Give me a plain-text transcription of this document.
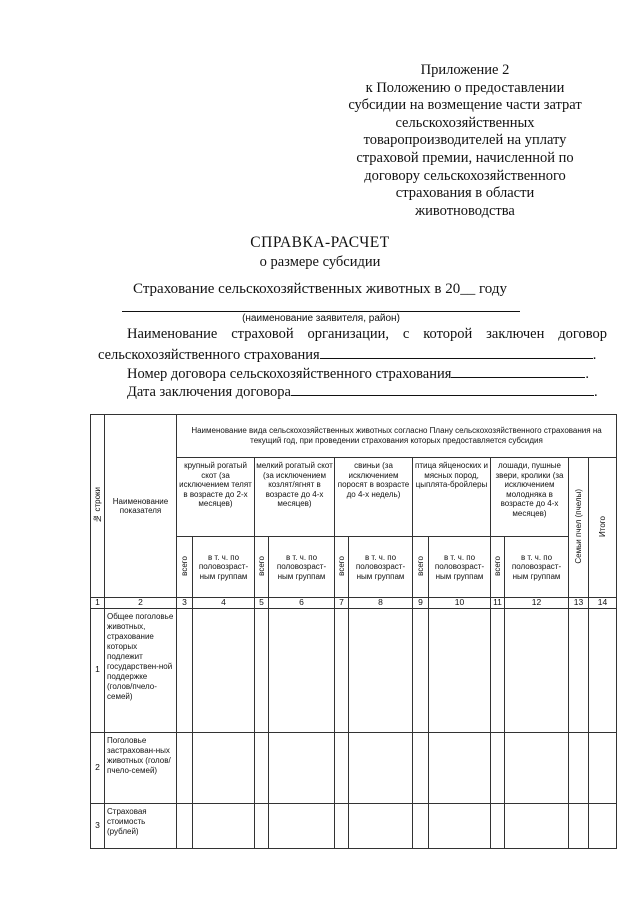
Приложение 2
к Положению о предоставлении
субсидии на возмещение части затрат
сельскохозяйственных
товаропроизводителей на уплату
страховой премии, начисленной по
договору сельскохозяйственного
страхования в области
животноводства
СПРАВКА-РАСЧЕТ
о размере субсидии
Страхование сельскохозяйственных животных в 20__ году
(наименование заявителя, район)
Наименование страховой организации, с которой заключен договор
сельскохозяйственного страхования	.
Номер договора сельскохозяйственного страхования	.
Дата заключения договора	.
№ строки	Наименование показателя	Наименование вида сельскохозяйственных животных согласно Плану сельскохозяйственного страхования на текущий год, при проведении страхования которых предоставляется субсидия											
		крупный рогатый скот (за исключением телят в возрасте до 2-х месяцев)		мелкий рогатый скот (за исключением козлят/ягнят в возрасте до 4-х месяцев)		свиньи (за исключением поросят в возрасте до 4-х недель)		птица яйценоских и мясных пород, цыплята-бройлеры		лошади, пушные звери, кролики (за исключением молодняка в возрасте до 4-х месяцев)		Семьи пчел (пчелы)	Итого
		всего	в т. ч. по половозраст-ным группам	всего	в т. ч. по половозраст-ным группам	всего	в т. ч. по половозраст-ным группам	всего	в т. ч. по половозраст-ным группам	всего	в т. ч. по половозраст-ным группам		
1	2	3	4	5	6	7	8	9	10	11	12	13	14
1	Общее поголовье животных, страхование которых подлежит государствен-ной поддержке (голов/пчело-семей)												
2	Поголовье застрахован-ных животных (голов/пчело-семей)												
3	Страховая стоимость (рублей)												
